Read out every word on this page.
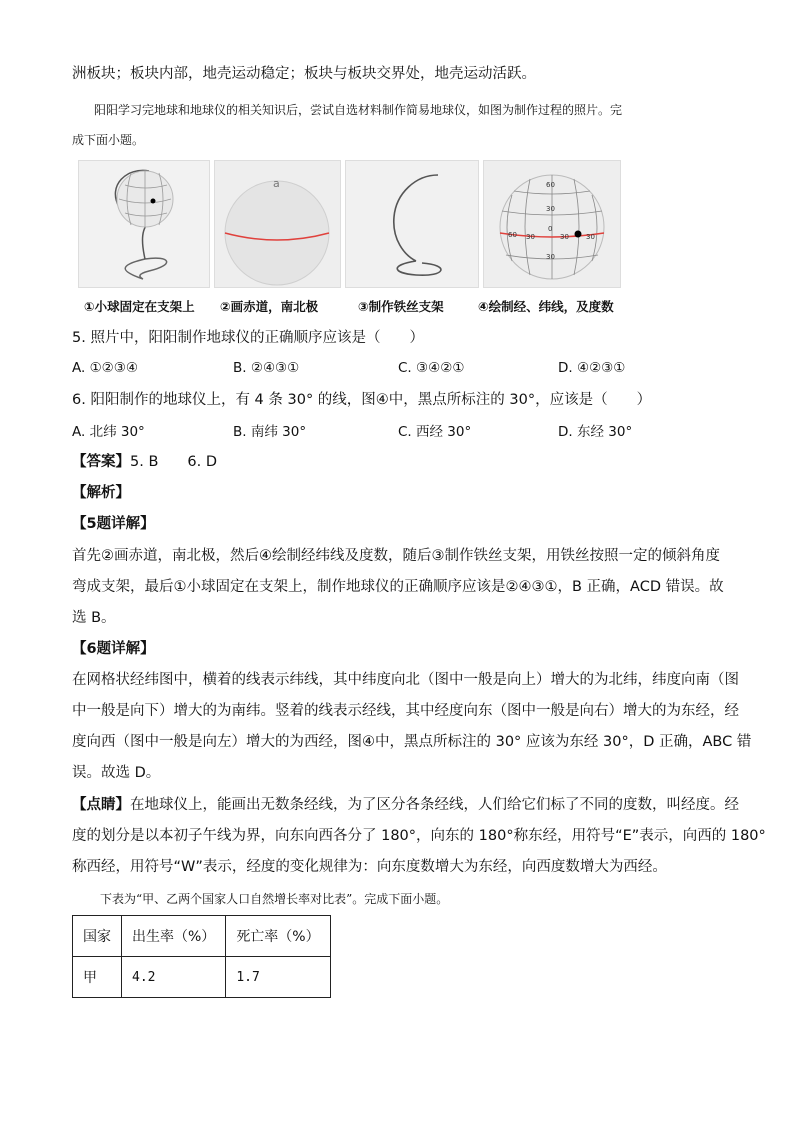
洲板块；板块内部，地壳运动稳定；板块与板块交界处，地壳运动活跃。
阳阳学习完地球和地球仪的相关知识后，尝试自选材料制作简易地球仪，如图为制作过程的照片。完
成下面小题。
a	60
30
60
0
30
30
30	30
①小球固定在支架上 ②画赤道，南北极	③制作铁丝支架	④绘制经、纬线，及度数
5. 照片中，阳阳制作地球仪的正确顺序应该是（　　）
A. ①②③④	B. ②④③①	C. ③④②①	D. ④②③①
6. 阳阳制作的地球仪上，有 4 条 30° 的线，图④中，黑点所标注的 30°，应该是（　　）
A. 北纬 30°	B. 南纬 30°	C. 西经 30°	D. 东经 30°
【答案】5. B　　6. D
【解析】
【5题详解】
首先②画赤道，南北极，然后④绘制经纬线及度数，随后③制作铁丝支架，用铁丝按照一定的倾斜角度
弯成支架，最后①小球固定在支架上，制作地球仪的正确顺序应该是②④③①，B 正确，ACD 错误。故
选 B。
【6题详解】
在网格状经纬图中，横着的线表示纬线，其中纬度向北（图中一般是向上）增大的为北纬，纬度向南（图
中一般是向下）增大的为南纬。竖着的线表示经线，其中经度向东（图中一般是向右）增大的为东经，经
度向西（图中一般是向左）增大的为西经，图④中，黑点所标注的 30° 应该为东经 30°，D 正确，ABC 错
误。故选 D。
【点睛】在地球仪上，能画出无数条经线，为了区分各条经线，人们给它们标了不同的度数，叫经度。经
度的划分是以本初子午线为界，向东向西各分了 180°，向东的 180°称东经，用符号“E”表示，向西的 180°
称西经，用符号“W”表示，经度的变化规律为：向东度数增大为东经，向西度数增大为西经。
下表为“甲、乙两个国家人口自然增长率对比表”。完成下面小题。
国家	出生率（%）	死亡率（%）
甲	4.2	1.7
